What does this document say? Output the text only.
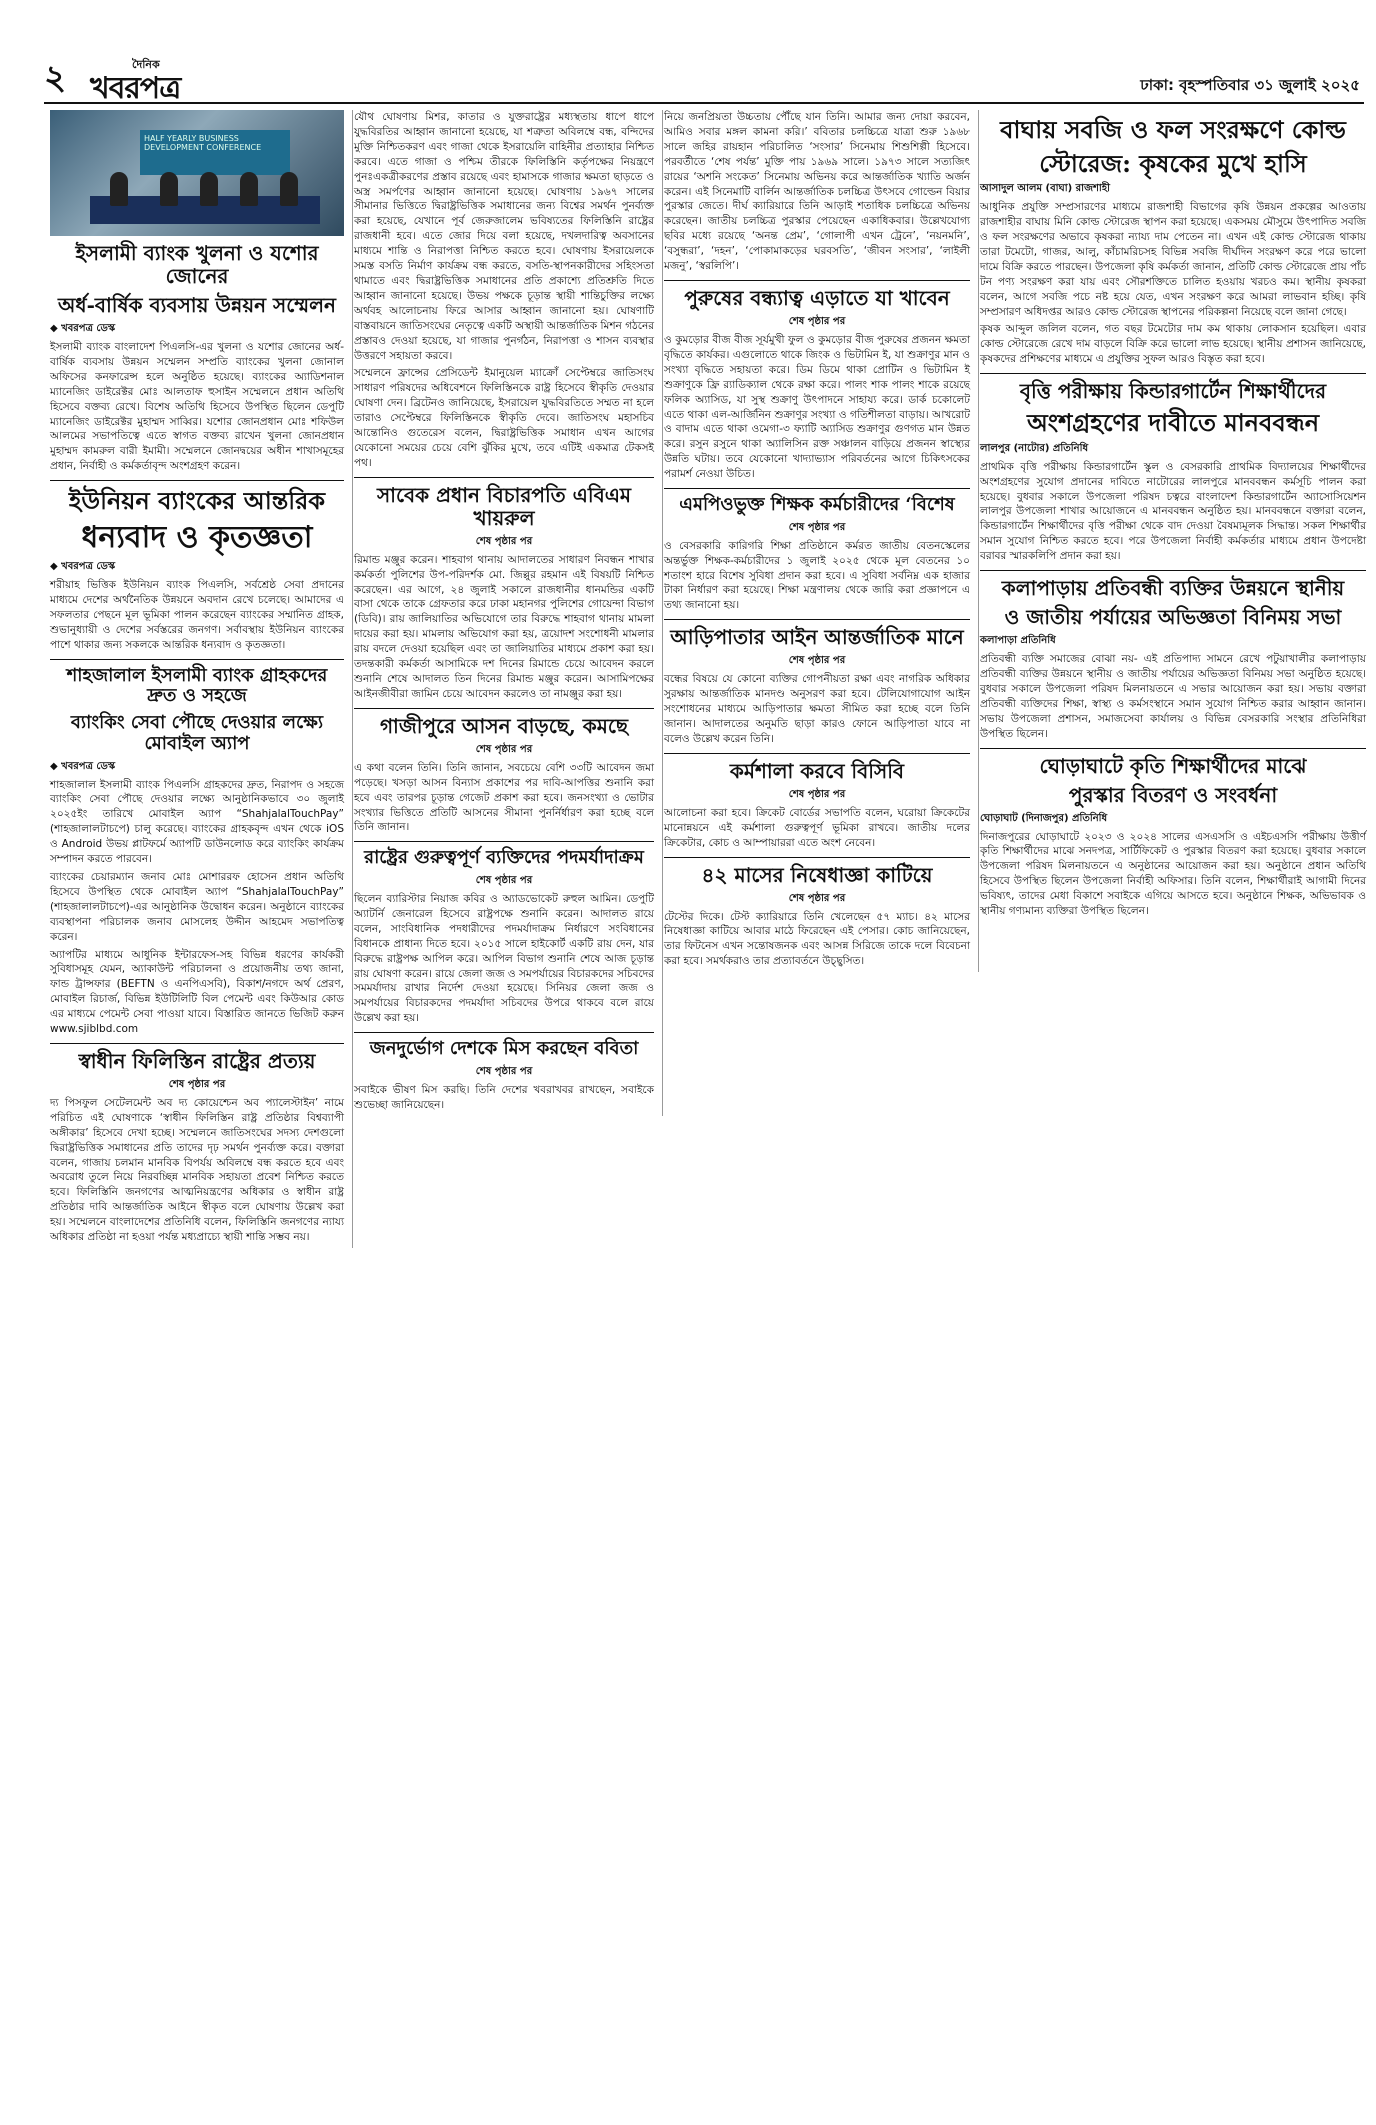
২	দৈনিক
খবরপত্র	ঢাকা: বৃহস্পতিবার ৩১ জুলাই ২০২৫
HALF YEARLY BUSINESS DEVELOPMENT CONFERENCE
ইসলামী ব্যাংক খুলনা ও যশোর জোনের
অর্ধ-বার্ষিক ব্যবসায় উন্নয়ন সম্মেলন
◆ খবরপত্র ডেস্ক

ইসলামী ব্যাংক বাংলাদেশ পিএলসি-এর খুলনা ও যশোর জোনের অর্ধ-বার্ষিক ব্যবসায় উন্নয়ন সম্মেলন সম্প্রতি ব্যাংকের খুলনা জোনাল অফিসের কনফারেন্স হলে অনুষ্ঠিত হয়েছে। ব্যাংকের অ্যাডিশনাল ম্যানেজিং ডাইরেক্টর মোঃ আলতাফ হুসাইন সম্মেলনে প্রধান অতিথি হিসেবে বক্তব্য রেখে। বিশেষ অতিথি হিসেবে উপস্থিত ছিলেন ডেপুটি ম্যানেজিং ডাইরেক্টর মুহাম্মদ সাব্বির। যশোর জোনপ্রধান মোঃ শফিউল আলমের সভাপতিত্বে এতে স্বাগত বক্তব্য রাখেন খুলনা জোনপ্রধান মুহাম্মদ কামরুল বারী ইমামী। সম্মেলনে জোনদ্বয়ের অধীন শাখাসমূহের প্রধান, নির্বাহী ও কর্মকর্তাবৃন্দ অংশগ্রহণ করেন।

ইউনিয়ন ব্যাংকের আন্তরিক
ধন্যবাদ ও কৃতজ্ঞতা
◆ খবরপত্র ডেস্ক

শরীয়াহ ভিত্তিক ইউনিয়ন ব্যাংক পিএলসি, সর্বশ্রেষ্ঠ সেবা প্রদানের মাধ্যমে দেশের অর্থনৈতিক উন্নয়নে অবদান রেখে চলেছে। আমাদের এ সফলতার পেছনে মূল ভূমিকা পালন করেছেন ব্যাংকের সম্মানিত গ্রাহক, শুভানুধ্যায়ী ও দেশের সর্বস্তরের জনগণ। সর্বাবস্থায় ইউনিয়ন ব্যাংকের পাশে থাকার জন্য সকলকে আন্তরিক ধন্যবাদ ও কৃতজ্ঞতা।

শাহজালাল ইসলামী ব্যাংক গ্রাহকদের দ্রুত ও সহজে
ব্যাংকিং সেবা পৌছে দেওয়ার লক্ষ্যে মোবাইল অ্যাপ
◆ খবরপত্র ডেস্ক

শাহজালাল ইসলামী ব্যাংক পিএলসি গ্রাহকদের দ্রুত, নিরাপদ ও সহজে ব্যাংকিং সেবা পৌছে দেওয়ার লক্ষ্যে আনুষ্ঠানিকভাবে ৩০ জুলাই ২০২৫ইং তারিখে মোবাইল অ্যাপ “ShahjalalTouchPay” (শাহজালালটাচপে) চালু করেছে। ব্যাংকের গ্রাহকবৃন্দ এখন থেকে iOS ও Android উভয় প্লাটফর্মে অ্যাপটি ডাউনলোড করে ব্যাংকিং কার্যক্রম সম্পাদন করতে পারবেন।

ব্যাংকের চেয়ারম্যান জনাব মোঃ মোশাররফ হোসেন প্রধান অতিথি হিসেবে উপস্থিত থেকে মোবাইল অ্যাপ “ShahjalalTouchPay” (শাহজালালটাচপে)-এর আনুষ্ঠানিক উদ্বোধন করেন। অনুষ্ঠানে ব্যাংকের ব্যবস্থাপনা পরিচালক জনাব মোসলেহ উদ্দীন আহমেদ সভাপতিত্ব করেন।

অ্যাপটির মাধ্যমে আধুনিক ইন্টারফেস-সহ বিভিন্ন ধরণের কার্যকরী সুবিধাসমূহ যেমন, অ্যাকাউন্ট পরিচালনা ও প্রয়োজনীয় তথ্য জানা, ফান্ড ট্রান্সফার (BEFTN ও এনপিএসবি), বিকাশ/নগদে অর্থ প্রেরণ, মোবাইল রিচার্জ, বিভিন্ন ইউটিলিটি বিল পেমেন্ট এবং কিউআর কোড এর মাধ্যমে পেমেন্ট সেবা পাওয়া যাবে। বিস্তারিত জানতে ভিজিট করুন www.sjiblbd.com

স্বাধীন ফিলিস্তিন রাষ্ট্রের প্রত্যয়
শেষ পৃষ্ঠার পর

দ্য পিসফুল সেটেলমেন্ট অব দ্য কোয়েশ্চেন অব প্যালেস্টাইন’ নামে পরিচিত এই ঘোষণাকে ‘স্বাধীন ফিলিস্তিন রাষ্ট্র প্রতিষ্ঠার বিশ্বব্যাপী অঙ্গীকার’ হিসেবে দেখা হচ্ছে। সম্মেলনে জাতিসংঘের সদস্য দেশগুলো দ্বিরাষ্ট্রভিত্তিক সমাধানের প্রতি তাদের দৃঢ় সমর্থন পুনর্ব্যক্ত করে। বক্তারা বলেন, গাজায় চলমান মানবিক বিপর্যয় অবিলম্বে বন্ধ করতে হবে এবং অবরোধ তুলে নিয়ে নিরবচ্ছিন্ন মানবিক সহায়তা প্রবেশ নিশ্চিত করতে হবে। ফিলিস্তিনি জনগণের আত্মনিয়ন্ত্রণের অধিকার ও স্বাধীন রাষ্ট্র প্রতিষ্ঠার দাবি আন্তর্জাতিক আইনে স্বীকৃত বলে ঘোষণায় উল্লেখ করা হয়। সম্মেলনে বাংলাদেশের প্রতিনিধি বলেন, ফিলিস্তিনি জনগণের ন্যায্য অধিকার প্রতিষ্ঠা না হওয়া পর্যন্ত মধ্যপ্রাচ্যে স্থায়ী শান্তি সম্ভব নয়।

যৌথ ঘোষণায় মিশর, কাতার ও যুক্তরাষ্ট্রের মধ্যস্থতায় ধাপে ধাপে যুদ্ধবিরতির আহ্বান জানানো হয়েছে, যা শত্রুতা অবিলম্বে বন্ধ, বন্দিদের মুক্তি নিশ্চিতকরণ এবং গাজা থেকে ইসরায়েলি বাহিনীর প্রত্যাহার নিশ্চিত করবে। এতে গাজা ও পশ্চিম তীরকে ফিলিস্তিনি কর্তৃপক্ষের নিয়ন্ত্রণে পুনঃএকত্রীকরণের প্রস্তাব রয়েছে এবং হামাসকে গাজার ক্ষমতা ছাড়তে ও অস্ত্র সমর্পণের আহ্বান জানানো হয়েছে। ঘোষণায় ১৯৬৭ সালের সীমানার ভিত্তিতে দ্বিরাষ্ট্রভিত্তিক সমাধানের জন্য বিশ্বের সমর্থন পুনর্ব্যক্ত করা হয়েছে, যেখানে পূর্ব জেরুজালেম ভবিষ্যতের ফিলিস্তিনি রাষ্ট্রের রাজধানী হবে। এতে জোর দিয়ে বলা হয়েছে, দখলদারিত্ব অবসানের মাধ্যমে শান্তি ও নিরাপত্তা নিশ্চিত করতে হবে। ঘোষণায় ইসরায়েলকে সমস্ত বসতি নির্মাণ কার্যক্রম বন্ধ করতে, বসতি-স্থাপনকারীদের সহিংসতা থামাতে এবং দ্বিরাষ্ট্রভিত্তিক সমাধানের প্রতি প্রকাশ্যে প্রতিশ্রুতি দিতে আহ্বান জানানো হয়েছে। উভয় পক্ষকে চূড়ান্ত স্থায়ী শান্তিচুক্তির লক্ষ্যে অর্থবহ আলোচনায় ফিরে আসার আহ্বান জানানো হয়। ঘোষণাটি বাস্তবায়নে জাতিসংঘের নেতৃত্বে একটি অস্থায়ী আন্তর্জাতিক মিশন গঠনের প্রস্তাবও দেওয়া হয়েছে, যা গাজার পুনর্গঠন, নিরাপত্তা ও শাসন ব্যবস্থার উত্তরণে সহায়তা করবে।

সম্মেলনে ফ্রান্সের প্রেসিডেন্ট ইমানুয়েল ম্যাক্রোঁ সেপ্টেম্বরে জাতিসংঘ সাধারণ পরিষদের অধিবেশনে ফিলিস্তিনকে রাষ্ট্র হিসেবে স্বীকৃতি দেওয়ার ঘোষণা দেন। ব্রিটেনও জানিয়েছে, ইসরায়েল যুদ্ধবিরতিতে সম্মত না হলে তারাও সেপ্টেম্বরে ফিলিস্তিনকে স্বীকৃতি দেবে। জাতিসংঘ মহাসচিব আন্তোনিও গুতেরেস বলেন, দ্বিরাষ্ট্রভিত্তিক সমাধান এখন আগের যেকোনো সময়ের চেয়ে বেশি ঝুঁকির মুখে, তবে এটিই একমাত্র টেকসই পথ।

সাবেক প্রধান বিচারপতি এবিএম খায়রুল
শেষ পৃষ্ঠার পর

রিমান্ড মঞ্জুর করেন। শাহবাগ থানায় আদালতের সাধারণ নিবন্ধন শাখার কর্মকর্তা পুলিশের উপ-পরিদর্শক মো. জিল্লুর রহমান এই বিষয়টি নিশ্চিত করেছেন। এর আগে, ২৪ জুলাই সকালে রাজধানীর ধানমন্ডির একটি বাসা থেকে তাকে গ্রেফতার করে ঢাকা মহানগর পুলিশের গোয়েন্দা বিভাগ (ডিবি)। রায় জালিয়াতির অভিযোগে তার বিরুদ্ধে শাহবাগ থানায় মামলা দায়ের করা হয়। মামলায় অভিযোগ করা হয়, ত্রয়োদশ সংশোধনী মামলার রায় বদলে দেওয়া হয়েছিল এবং তা জালিয়াতির মাধ্যমে প্রকাশ করা হয়। তদন্তকারী কর্মকর্তা আসামিকে দশ দিনের রিমান্ডে চেয়ে আবেদন করলে শুনানি শেষে আদালত তিন দিনের রিমান্ড মঞ্জুর করেন। আসামিপক্ষের আইনজীবীরা জামিন চেয়ে আবেদন করলেও তা নামঞ্জুর করা হয়।

গাজীপুরে আসন বাড়ছে, কমছে
শেষ পৃষ্ঠার পর

এ কথা বলেন তিনি। তিনি জানান, সবচেয়ে বেশি ৩৩টি আবেদন জমা পড়েছে। খসড়া আসন বিন্যাস প্রকাশের পর দাবি-আপত্তির শুনানি করা হবে এবং তারপর চূড়ান্ত গেজেট প্রকাশ করা হবে। জনসংখ্যা ও ভোটার সংখ্যার ভিত্তিতে প্রতিটি আসনের সীমানা পুনর্নির্ধারণ করা হচ্ছে বলে তিনি জানান।

রাষ্ট্রের গুরুত্বপূর্ণ ব্যক্তিদের পদমর্যাদাক্রম
শেষ পৃষ্ঠার পর

ছিলেন ব্যারিস্টার নিয়াজ কবির ও অ্যাডভোকেট রুহুল আমিন। ডেপুটি অ্যাটর্নি জেনারেল হিসেবে রাষ্ট্রপক্ষে শুনানি করেন। আদালত রায়ে বলেন, সাংবিধানিক পদধারীদের পদমর্যাদাক্রম নির্ধারণে সংবিধানের বিধানকে প্রাধান্য দিতে হবে। ২০১৫ সালে হাইকোর্ট একটি রায় দেন, যার বিরুদ্ধে রাষ্ট্রপক্ষ আপিল করে। আপিল বিভাগ শুনানি শেষে আজ চূড়ান্ত রায় ঘোষণা করেন। রায়ে জেলা জজ ও সমপর্যায়ের বিচারকদের সচিবদের সমমর্যাদায় রাখার নির্দেশ দেওয়া হয়েছে। সিনিয়র জেলা জজ ও সমপর্যায়ের বিচারকদের পদমর্যাদা সচিবদের উপরে থাকবে বলে রায়ে উল্লেখ করা হয়।

জনদুর্ভোগ দেশকে মিস করছেন ববিতা
শেষ পৃষ্ঠার পর

সবাইকে ভীষণ মিস করছি। তিনি দেশের খবরাখবর রাখছেন, সবাইকে শুভেচ্ছা জানিয়েছেন।

নিয়ে জনপ্রিয়তা উচ্চতায় পৌঁছে যান তিনি। আমার জন্য দোয়া করবেন, আমিও সবার মঙ্গল কামনা করি।’ ববিতার চলচ্চিত্রে যাত্রা শুরু ১৯৬৮ সালে জহির রায়হান পরিচালিত ‘সংসার’ সিনেমায় শিশুশিল্পী হিসেবে। পরবর্তীতে ‘শেষ পর্যন্ত’ মুক্তি পায় ১৯৬৯ সালে। ১৯৭৩ সালে সত্যজিৎ রায়ের ‘অশনি সংকেত’ সিনেমায় অভিনয় করে আন্তর্জাতিক খ্যাতি অর্জন করেন। এই সিনেমাটি বার্লিন আন্তর্জাতিক চলচ্চিত্র উৎসবে গোল্ডেন বিয়ার পুরস্কার জেতে। দীর্ঘ ক্যারিয়ারে তিনি আড়াই শতাধিক চলচ্চিত্রে অভিনয় করেছেন। জাতীয় চলচ্চিত্র পুরস্কার পেয়েছেন একাধিকবার। উল্লেখযোগ্য ছবির মধ্যে রয়েছে ‘অনন্ত প্রেম’, ‘গোলাপী এখন ট্রেনে’, ‘নয়নমনি’, ‘বসুন্ধরা’, ‘দহন’, ‘পোকামাকড়ের ঘরবসতি’, ‘জীবন সংসার’, ‘লাইলী মজনু’, ‘স্বরলিপি’।

পুরুষের বন্ধ্যাত্ব এড়াতে যা খাবেন
শেষ পৃষ্ঠার পর

ও কুমড়োর বীজ বীজ সূর্যমুখী ফুল ও কুমড়োর বীজ পুরুষের প্রজনন ক্ষমতা বৃদ্ধিতে কার্যকর। এগুলোতে থাকে জিংক ও ভিটামিন ই, যা শুক্রাণুর মান ও সংখ্যা বৃদ্ধিতে সহায়তা করে। ডিম ডিমে থাকা প্রোটিন ও ভিটামিন ই শুক্রাণুকে ফ্রি র‍্যাডিক্যাল থেকে রক্ষা করে। পালং শাক পালং শাকে রয়েছে ফলিক অ্যাসিড, যা সুস্থ শুক্রাণু উৎপাদনে সাহায্য করে। ডার্ক চকোলেট এতে থাকা এল-আর্জিনিন শুক্রাণুর সংখ্যা ও গতিশীলতা বাড়ায়। আখরোট ও বাদাম এতে থাকা ওমেগা-৩ ফ্যাটি অ্যাসিড শুক্রাণুর গুণগত মান উন্নত করে। রসুন রসুনে থাকা অ্যালিসিন রক্ত সঞ্চালন বাড়িয়ে প্রজনন স্বাস্থ্যের উন্নতি ঘটায়। তবে যেকোনো খাদ্যাভ্যাস পরিবর্তনের আগে চিকিৎসকের পরামর্শ নেওয়া উচিত।

এমপিওভুক্ত শিক্ষক কর্মচারীদের ‘বিশেষ
শেষ পৃষ্ঠার পর

ও বেসরকারি কারিগরি শিক্ষা প্রতিষ্ঠানে কর্মরত জাতীয় বেতনস্কেলের অন্তর্ভুক্ত শিক্ষক-কর্মচারীদের ১ জুলাই ২০২৫ থেকে মূল বেতনের ১০ শতাংশ হারে বিশেষ সুবিধা প্রদান করা হবে। এ সুবিধা সর্বনিম্ন এক হাজার টাকা নির্ধারণ করা হয়েছে। শিক্ষা মন্ত্রণালয় থেকে জারি করা প্রজ্ঞাপনে এ তথ্য জানানো হয়।

আড়িপাতার আইন আন্তর্জাতিক মানে
শেষ পৃষ্ঠার পর

বন্ধের বিষয়ে যে কোনো ব্যক্তির গোপনীয়তা রক্ষা এবং নাগরিক অধিকার সুরক্ষায় আন্তর্জাতিক মানদণ্ড অনুসরণ করা হবে। টেলিযোগাযোগ আইন সংশোধনের মাধ্যমে আড়িপাতার ক্ষমতা সীমিত করা হচ্ছে বলে তিনি জানান। আদালতের অনুমতি ছাড়া কারও ফোনে আড়িপাতা যাবে না বলেও উল্লেখ করেন তিনি।

কর্মশালা করবে বিসিবি
শেষ পৃষ্ঠার পর

আলোচনা করা হবে। ক্রিকেট বোর্ডের সভাপতি বলেন, ঘরোয়া ক্রিকেটের মানোন্নয়নে এই কর্মশালা গুরুত্বপূর্ণ ভূমিকা রাখবে। জাতীয় দলের ক্রিকেটার, কোচ ও আম্পায়াররা এতে অংশ নেবেন।

৪২ মাসের নিষেধাজ্ঞা কাটিয়ে
শেষ পৃষ্ঠার পর

টেস্টের দিকে। টেস্ট ক্যারিয়ারে তিনি খেলেছেন ৫৭ ম্যাচ। ৪২ মাসের নিষেধাজ্ঞা কাটিয়ে আবার মাঠে ফিরেছেন এই পেসার। কোচ জানিয়েছেন, তার ফিটনেস এখন সন্তোষজনক এবং আসন্ন সিরিজে তাকে দলে বিবেচনা করা হবে। সমর্থকরাও তার প্রত্যাবর্তনে উচ্ছ্বসিত।

বাঘায় সবজি ও ফল সংরক্ষণে কোল্ড
স্টোরেজ: কৃষকের মুখে হাসি
আসাদুল আলম (বাঘা) রাজশাহী

আধুনিক প্রযুক্তি সম্প্রসারণের মাধ্যমে রাজশাহী বিভাগের কৃষি উন্নয়ন প্রকল্পের আওতায় রাজশাহীর বাঘায় মিনি কোল্ড স্টোরেজ স্থাপন করা হয়েছে। একসময় মৌসুমে উৎপাদিত সবজি ও ফল সংরক্ষণের অভাবে কৃষকরা ন্যায্য দাম পেতেন না। এখন এই কোল্ড স্টোরেজ থাকায় তারা টমেটো, গাজর, আলু, কাঁচামরিচসহ বিভিন্ন সবজি দীর্ঘদিন সংরক্ষণ করে পরে ভালো দামে বিক্রি করতে পারছেন। উপজেলা কৃষি কর্মকর্তা জানান, প্রতিটি কোল্ড স্টোরেজে প্রায় পাঁচ টন পণ্য সংরক্ষণ করা যায় এবং সৌরশক্তিতে চালিত হওয়ায় খরচও কম। স্থানীয় কৃষকরা বলেন, আগে সবজি পচে নষ্ট হয়ে যেত, এখন সংরক্ষণ করে আমরা লাভবান হচ্ছি। কৃষি সম্প্রসারণ অধিদপ্তর আরও কোল্ড স্টোরেজ স্থাপনের পরিকল্পনা নিয়েছে বলে জানা গেছে।

কৃষক আব্দুল জলিল বলেন, গত বছর টমেটোর দাম কম থাকায় লোকসান হয়েছিল। এবার কোল্ড স্টোরেজে রেখে দাম বাড়লে বিক্রি করে ভালো লাভ হয়েছে। স্থানীয় প্রশাসন জানিয়েছে, কৃষকদের প্রশিক্ষণের মাধ্যমে এ প্রযুক্তির সুফল আরও বিস্তৃত করা হবে।

বৃত্তি পরীক্ষায় কিন্ডারগার্টেন শিক্ষার্থীদের
অংশগ্রহণের দাবীতে মানববন্ধন
লালপুর (নাটোর) প্রতিনিধি

প্রাথমিক বৃত্তি পরীক্ষায় কিন্ডারগার্টেন স্কুল ও বেসরকারি প্রাথমিক বিদ্যালয়ের শিক্ষার্থীদের অংশগ্রহণের সুযোগ প্রদানের দাবিতে নাটোরের লালপুরে মানববন্ধন কর্মসূচি পালন করা হয়েছে। বুধবার সকালে উপজেলা পরিষদ চত্বরে বাংলাদেশ কিন্ডারগার্টেন অ্যাসোসিয়েশন লালপুর উপজেলা শাখার আয়োজনে এ মানববন্ধন অনুষ্ঠিত হয়। মানববন্ধনে বক্তারা বলেন, কিন্ডারগার্টেন শিক্ষার্থীদের বৃত্তি পরীক্ষা থেকে বাদ দেওয়া বৈষম্যমূলক সিদ্ধান্ত। সকল শিক্ষার্থীর সমান সুযোগ নিশ্চিত করতে হবে। পরে উপজেলা নির্বাহী কর্মকর্তার মাধ্যমে প্রধান উপদেষ্টা বরাবর স্মারকলিপি প্রদান করা হয়।

কলাপাড়ায় প্রতিবন্ধী ব্যক্তির উন্নয়নে স্থানীয়
ও জাতীয় পর্যায়ের অভিজ্ঞতা বিনিময় সভা
কলাপাড়া প্রতিনিধি

প্রতিবন্ধী ব্যক্তি সমাজের বোঝা নয়- এই প্রতিপাদ্য সামনে রেখে পটুয়াখালীর কলাপাড়ায় প্রতিবন্ধী ব্যক্তির উন্নয়নে স্থানীয় ও জাতীয় পর্যায়ের অভিজ্ঞতা বিনিময় সভা অনুষ্ঠিত হয়েছে। বুধবার সকালে উপজেলা পরিষদ মিলনায়তনে এ সভার আয়োজন করা হয়। সভায় বক্তারা প্রতিবন্ধী ব্যক্তিদের শিক্ষা, স্বাস্থ্য ও কর্মসংস্থানে সমান সুযোগ নিশ্চিত করার আহ্বান জানান। সভায় উপজেলা প্রশাসন, সমাজসেবা কার্যালয় ও বিভিন্ন বেসরকারি সংস্থার প্রতিনিধিরা উপস্থিত ছিলেন।

ঘোড়াঘাটে কৃতি শিক্ষার্থীদের মাঝে
পুরস্কার বিতরণ ও সংবর্ধনা
ঘোড়াঘাট (দিনাজপুর) প্রতিনিধি

দিনাজপুরের ঘোড়াঘাটে ২০২৩ ও ২০২৪ সালের এসএসসি ও এইচএসসি পরীক্ষায় উত্তীর্ণ কৃতি শিক্ষার্থীদের মাঝে সনদপত্র, সার্টিফিকেট ও পুরস্কার বিতরণ করা হয়েছে। বুধবার সকালে উপজেলা পরিষদ মিলনায়তনে এ অনুষ্ঠানের আয়োজন করা হয়। অনুষ্ঠানে প্রধান অতিথি হিসেবে উপস্থিত ছিলেন উপজেলা নির্বাহী অফিসার। তিনি বলেন, শিক্ষার্থীরাই আগামী দিনের ভবিষ্যৎ, তাদের মেধা বিকাশে সবাইকে এগিয়ে আসতে হবে। অনুষ্ঠানে শিক্ষক, অভিভাবক ও স্থানীয় গণ্যমান্য ব্যক্তিরা উপস্থিত ছিলেন।
